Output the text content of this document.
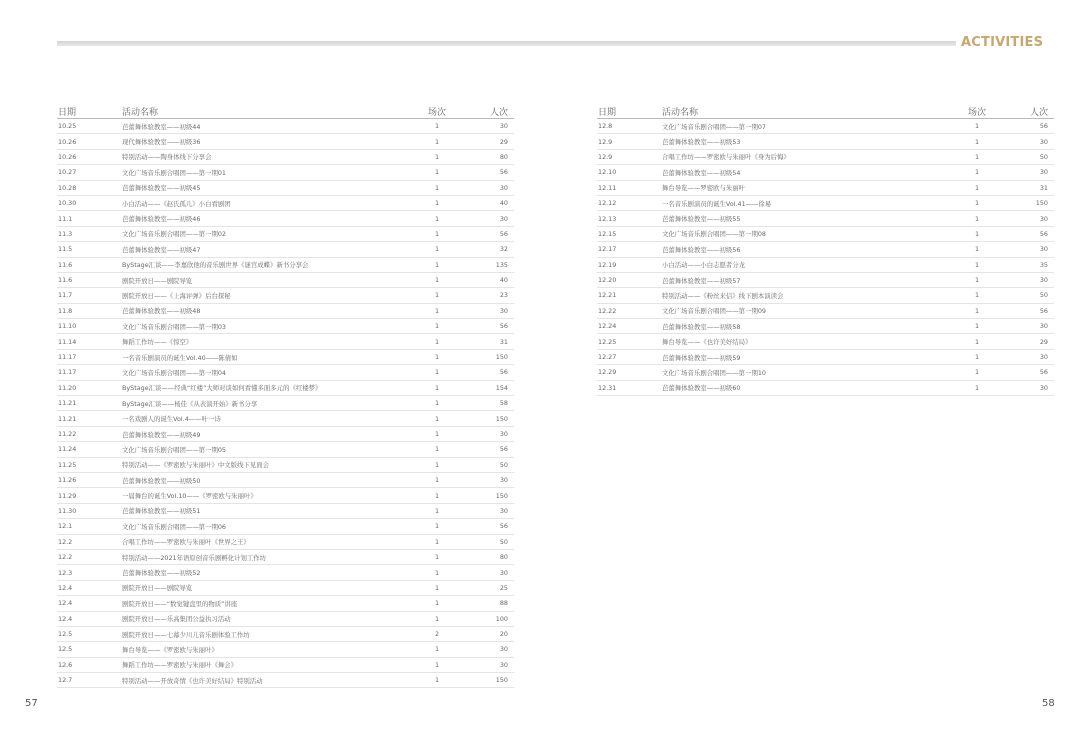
ACTIVITIES
日期	活动名称	场次	人次
10.25	芭蕾舞体验教室——初级44	1	30
10.26	现代舞体验教室——初级36	1	29
10.26	特别活动——陶身体线下分享会	1	80
10.27	文化广场音乐剧合唱团——第一期01	1	56
10.28	芭蕾舞体验教室——初级45	1	30
10.30	小白活动——《赵氏孤儿》小白看剧团	1	40
11.1	芭蕾舞体验教室——初级46	1	30
11.3	文化广场音乐剧合唱团——第一期02	1	56
11.5	芭蕾舞体验教室——初级47	1	32
11.6	ByStage汇谈——李嘉欣他的音乐剧世界《谜宫成蝶》新书分享会	1	135
11.6	剧院开放日——剧院导览	1	40
11.7	剧院开放日——《上海评弹》后台探秘	1	23
11.8	芭蕾舞体验教室——初级48	1	30
11.10	文化广场音乐剧合唱团——第一期03	1	56
11.14	舞蹈工作坊——《惊空》	1	31
11.17	一名音乐剧演员的诞生Vol.40——陈倩如	1	150
11.17	文化广场音乐剧合唱团——第一期04	1	56
11.20	ByStage汇谈——经典“红楼”大师对谈如何看懂多面多元的《红楼梦》	1	154
11.21	ByStage汇谈——杨佳《从表演开始》新书分享	1	58
11.21	一名戏剧人的诞生Vol.4——叶一诗	1	150
11.22	芭蕾舞体验教室——初级49	1	30
11.24	文化广场音乐剧合唱团——第一期05	1	56
11.25	特别活动——《罗密欧与朱丽叶》中文版线下见面会	1	50
11.26	芭蕾舞体验教室——初级50	1	30
11.29	一届舞台的诞生Vol.10——《罗密欧与朱丽叶》	1	150
11.30	芭蕾舞体验教室——初级51	1	30
12.1	文化广场音乐剧合唱团——第一期06	1	56
12.2	合唱工作坊——罗密欧与朱丽叶《世界之王》	1	50
12.2	特别活动——2021年语原创音乐剧孵化计划工作坊	1	80
12.3	芭蕾舞体验教室——初级52	1	30
12.4	剧院开放日——剧院导览	1	25
12.4	剧院开放日——“数觉键盘里的物质”讲座	1	88
12.4	剧院开放日——乐高集团公益执习活动	1	100
12.5	剧院开放日——七幕少川儿音乐剧体验工作坊	2	20
12.5	舞台导览——《罗密欧与朱丽叶》	1	30
12.6	舞蹈工作坊——罗密欧与朱丽叶《舞会》	1	30
12.7	特别活动——开放奇情《也许美好结局》特别活动	1	150
日期	活动名称	场次	人次
12.8	文化广场音乐剧合唱团——第一期07	1	56
12.9	芭蕾舞体验教室——初级53	1	30
12.9	合唱工作坊——罗密欧与朱丽叶《身为后悔》	1	50
12.10	芭蕾舞体验教室——初级54	1	30
12.11	舞台导览——罗密欧与朱丽叶	1	31
12.12	一名音乐剧演员的诞生Vol.41——徐易	1	150
12.13	芭蕾舞体验教室——初级55	1	30
12.15	文化广场音乐剧合唱团——第一期08	1	56
12.17	芭蕾舞体验教室——初级56	1	30
12.19	小白活动——小白志愿者分龙	1	35
12.20	芭蕾舞体验教室——初级57	1	30
12.21	特别活动——《粉丝来信》线下剧本演读会	1	50
12.22	文化广场音乐剧合唱团——第一期09	1	56
12.24	芭蕾舞体验教室——初级58	1	30
12.25	舞台导览——《也许美好结局》	1	29
12.27	芭蕾舞体验教室——初级59	1	30
12.29	文化广场音乐剧合唱团——第一期10	1	56
12.31	芭蕾舞体验教室——初级60	1	30
57	58
